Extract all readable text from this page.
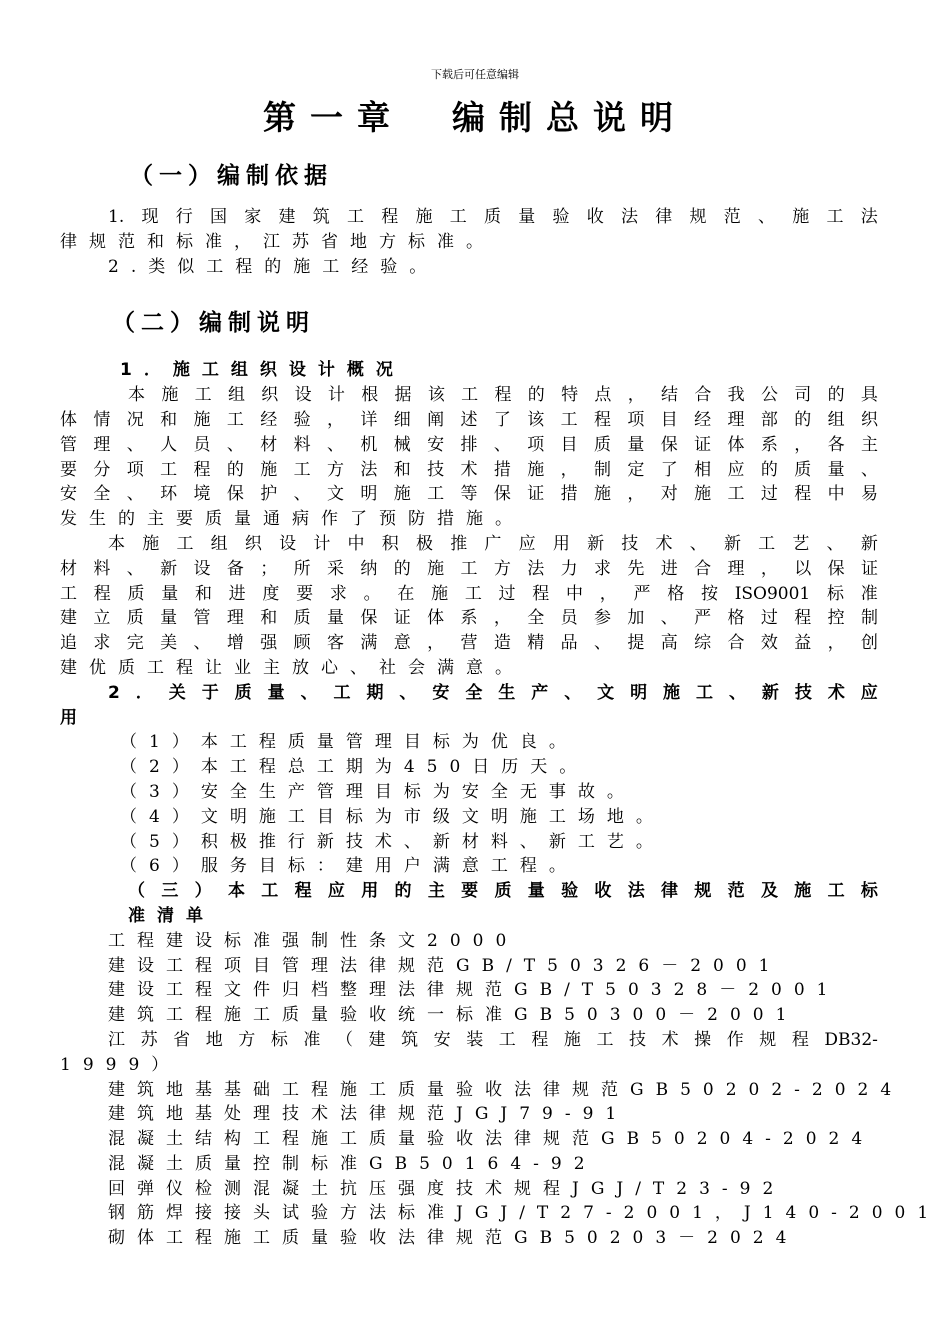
下载后可任意编辑
第一章 编制总说明
（一）编制依据
（二）编制说明
1. 现 行 国 家 建 筑 工 程 施 工 质 量 验 收 法 律 规 范 、 施 工 法
律规范和标准，江苏省地方标准。
2.类似工程的施工经验。
1．施工组织设计概况
本 施 工 组 织 设 计 根 据 该 工 程 的 特 点 ， 结 合 我 公 司 的 具
体 情 况 和 施 工 经 验 ， 详 细 阐 述 了 该 工 程 项 目 经 理 部 的 组 织
管 理 、 人 员 、 材 料 、 机 械 安 排 、 项 目 质 量 保 证 体 系 ， 各 主
要 分 项 工 程 的 施 工 方 法 和 技 术 措 施 ， 制 定 了 相 应 的 质 量 、
安 全 、 环 境 保 护 、 文 明 施 工 等 保 证 措 施 ， 对 施 工 过 程 中 易
发生的主要质量通病作了预防措施。
本 施 工 组 织 设 计 中 积 极 推 广 应 用 新 技 术 、 新 工 艺 、 新
材 料 、 新 设 备 ； 所 采 纳 的 施 工 方 法 力 求 先 进 合 理 ， 以 保 证
工 程 质 量 和 进 度 要 求 。 在 施 工 过 程 中 ， 严 格 按 ISO9001 标 准
建 立 质 量 管 理 和 质 量 保 证 体 系 ， 全 员 参 加 、 严 格 过 程 控 制
追 求 完 美 、 增 强 顾 客 满 意 ， 营 造 精 品 、 提 高 综 合 效 益 ， 创
建优质工程让业主放心、社会满意。
2 ． 关 于 质 量 、 工 期 、 安 全 生 产 、 文 明 施 工 、 新 技 术 应
用
（1）本工程质量管理目标为优良。
（2）本工程总工期为450日历天。
（3）安全生产管理目标为安全无事故。
（4）文明施工目标为市级文明施工场地。
（5）积极推行新技术、新材料、新工艺。
（6）服务目标：建用户满意工程。
（ 三 ） 本 工 程 应 用 的 主 要 质 量 验 收 法 律 规 范 及 施 工 标
准清单
工程建设标准强制性条文2000
建设工程项目管理法律规范GB/T50326－2001
建设工程文件归档整理法律规范GB/T50328－2001
建筑工程施工质量验收统一标准GB50300－2001
江 苏 省 地 方 标 准 （ 建 筑 安 装 工 程 施 工 技 术 操 作 规 程 DB32-
1999）
建筑地基基础工程施工质量验收法律规范GB50202-2024
建筑地基处理技术法律规范JGJ79-91
混凝土结构工程施工质量验收法律规范GB50204-2024
混凝土质量控制标准GB50164-92
回弹仪检测混凝土抗压强度技术规程JGJ/T23-92
钢筋焊接接头试验方法标准JGJ/T27-2001，J140-2001
砌体工程施工质量验收法律规范GB50203－2024
